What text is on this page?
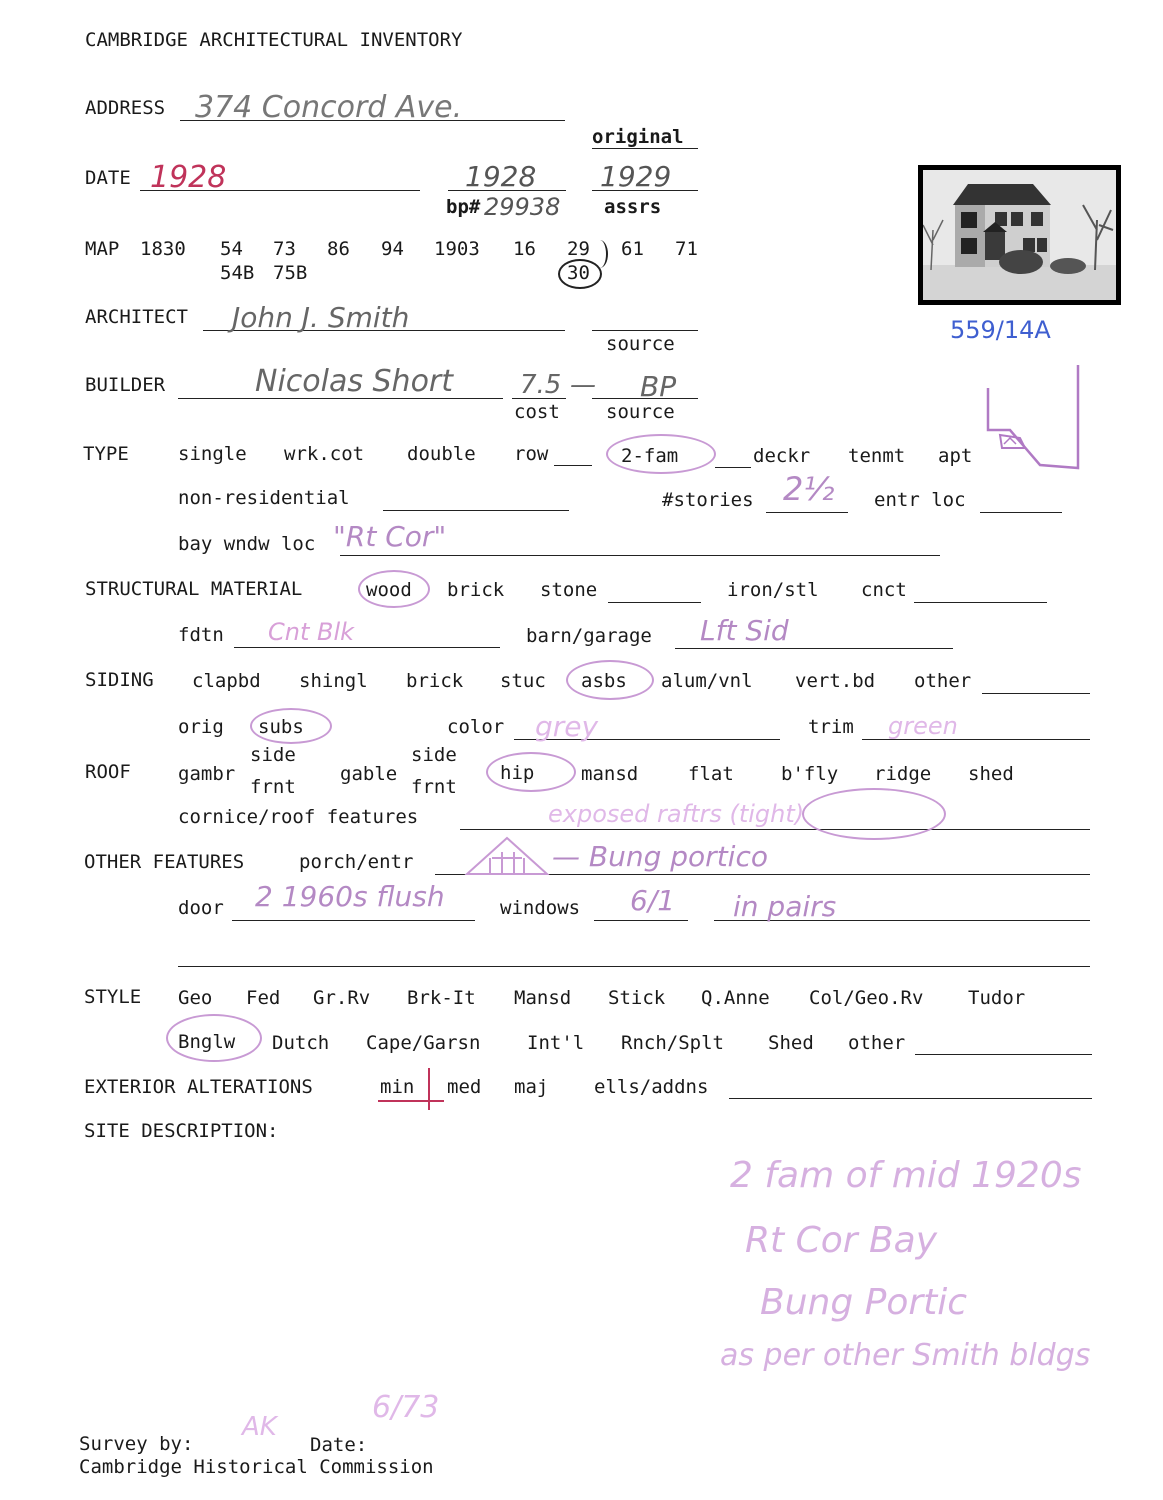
CAMBRIDGE ARCHITECTURAL INVENTORY
ADDRESS 374 Concord Ave.
original
DATE 1928	1928
bp# 29938
1929
assrs
MAP 1830 54 73 86 94 1903 16 29 61 71
54B 75B	30
559/14A
ARCHITECT John J. Smith
source
BUILDER	Nicolas Short	7.5
cost
— BP
source
TYPE	single wrk.cot double row	2-fam	deckr tenmt apt
non-residential	#stories 2½ entr loc
bay wndw loc "Rt Cor"
STRUCTURAL MATERIAL	wood brick stone	iron/stl cnct
fdtn Cnt Blk	barn/garage Lft Sid
SIDING clapbd shingl brick stuc asbs alum/vnl vert.bd other
orig subs	color grey	trim green
ROOF gambr
side
frnt
gable
side
frnt
hip mansd	flat b'fly ridge shed
cornice/roof features	exposed raftrs (tight)
OTHER FEATURES	porch/entr	— Bung portico
door 2 1960s flush	windows 6/1 in pairs
STYLE Geo Fed Gr.Rv Brk-It Mansd Stick Q.Anne Col/Geo.Rv Tudor
Bnglw Dutch Cape/Garsn Int'l Rnch/Splt Shed other
EXTERIOR ALTERATIONS	min med maj ells/addns
SITE DESCRIPTION:
2 fam of mid 1920s
Rt Cor Bay
Bung Portic
as per other Smith bldgs
Survey by:
AK
Date:
6/73
Cambridge Historical Commission
